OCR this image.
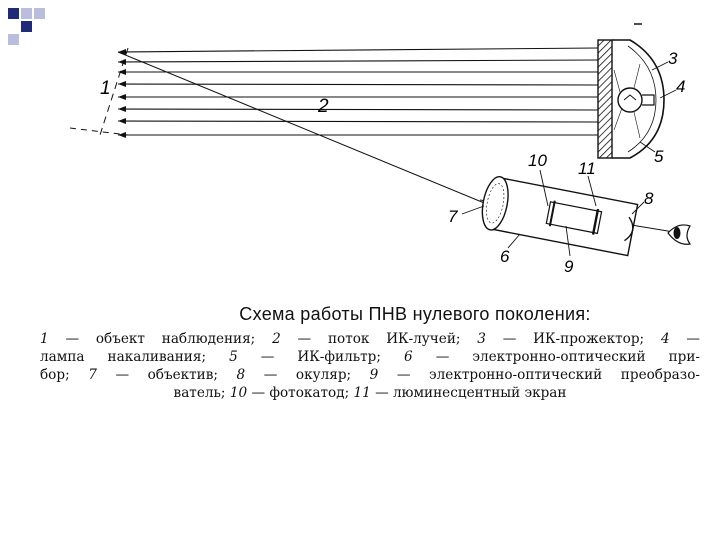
1
2
3
4
5
6
7
8
9
10 11
Схема работы ПНВ нулевого поколения:
1 — объект наблюдения; 2 — поток ИК-лучей; 3 — ИК-прожектор; 4 —
лампа накаливания; 5 — ИК-фильтр; 6 — электронно-оптический при-
бор; 7 — объектив; 8 — окуляр; 9 — электронно-оптический преобразо-
ватель; 10 — фотокатод; 11 — люминесцентный экран
